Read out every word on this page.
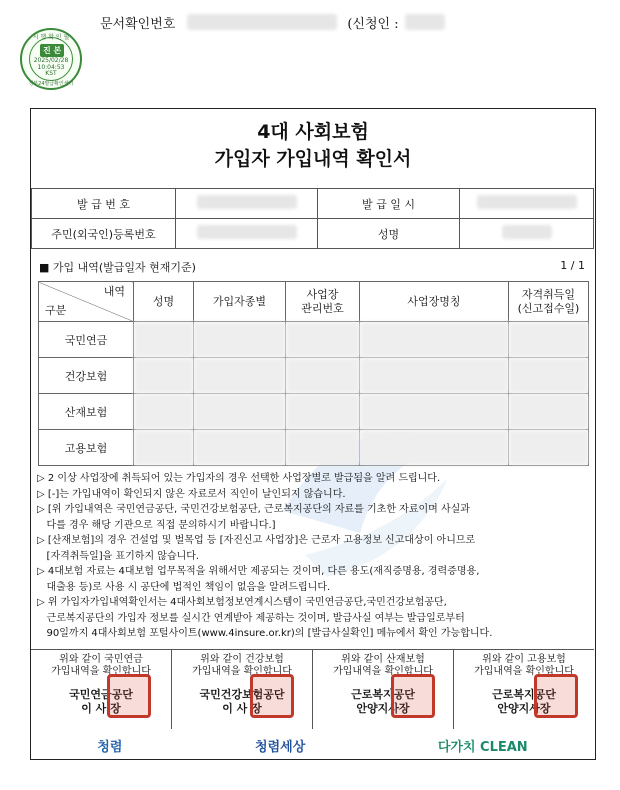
문서확인번호	(신청인 :
시 행 확 인 필
진 본
2025/02/28
10:04:53
KST
정부24발급확인센터
4대 사회보험
가입자 가입내역 확인서
발 급 번 호		발 급 일 시	
주민(외국인)등록번호		성명	
■ 가입 내역(발급일자 현재기준)	1 / 1
내역
구분	성명	가입자종별	사업장
관리번호	사업장명칭	자격취득일
(신고접수일)
국민연금					
건강보험					
산재보험					
고용보험					
▷ 2 이상 사업장에 취득되어 있는 가입자의 경우 선택한 사업장별로 발급됨을 알려 드립니다.
▷ [-]는 가입내역이 확인되지 않은 자료로서 직인이 날인되지 않습니다.
▷ [위 가입내역은 국민연금공단, 국민건강보험공단, 근로복지공단의 자료를 기초한 자료이며 사실과
다를 경우 해당 기관으로 직접 문의하시기 바랍니다.]
▷ [산재보험]의 경우 건설업 및 벌목업 등 [자진신고 사업장]은 근로자 고용정보 신고대상이 아니므로
[자격취득일]을 표기하지 않습니다.
▷ 4대보험 자료는 4대보험 업무목적을 위해서만 제공되는 것이며, 다른 용도(재직증명용, 경력증명용,
대출용 등)로 사용 시 공단에 법적인 책임이 없음을 알려드립니다.
▷ 위 가입자가입내역확인서는 4대사회보험정보연계시스템이 국민연금공단,국민건강보험공단,
근로복지공단의 가입자 정보를 실시간 연계받아 제공하는 것이며, 발급사실 여부는 발급일로부터
90일까지 4대사회보험 포털사이트(www.4insure.or.kr)의 [발급사실확인] 메뉴에서 확인 가능합니다.
위와 같이 국민연금
가입내역을 확인합니다
국민연금공단
이 사 장
위와 같이 건강보험
가입내역을 확인합니다
국민건강보험공단
이 사 장
위와 같이 산재보험
가입내역을 확인합니다
근로복지공단
안양지사장
위와 같이 고용보험
가입내역을 확인합니다
근로복지공단
안양지사장
청렴	청렴세상	다가치 CLEAN
